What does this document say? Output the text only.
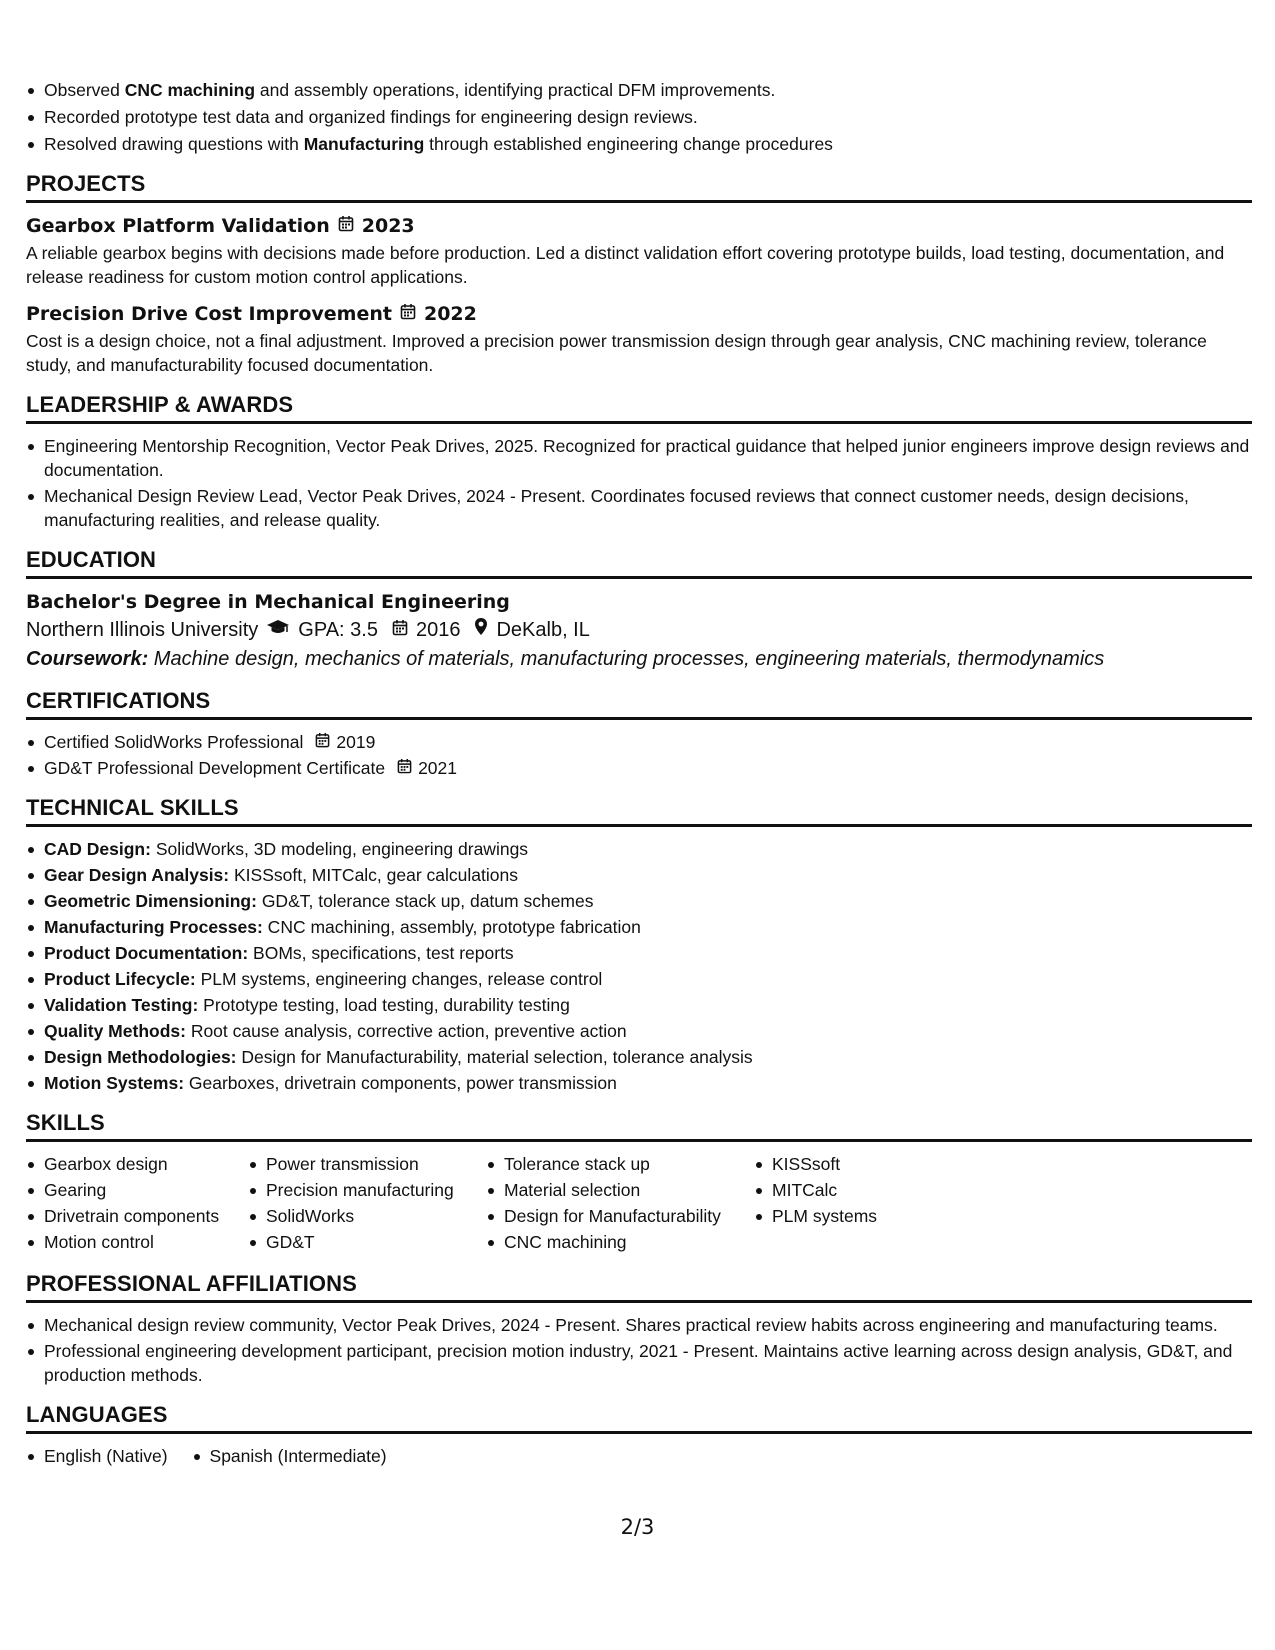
Observed CNC machining and assembly operations, identifying practical DFM improvements.
Recorded prototype test data and organized findings for engineering design reviews.
Resolved drawing questions with Manufacturing through established engineering change procedures
PROJECTS
Gearbox Platform Validation 2023
A reliable gearbox begins with decisions made before production. Led a distinct validation effort covering prototype builds, load testing, documentation, and release readiness for custom motion control applications.
Precision Drive Cost Improvement 2022
Cost is a design choice, not a final adjustment. Improved a precision power transmission design through gear analysis, CNC machining review, tolerance study, and manufacturability focused documentation.
LEADERSHIP & AWARDS
Engineering Mentorship Recognition, Vector Peak Drives, 2025. Recognized for practical guidance that helped junior engineers improve design reviews and documentation.
Mechanical Design Review Lead, Vector Peak Drives, 2024 - Present. Coordinates focused reviews that connect customer needs, design decisions, manufacturing realities, and release quality.
EDUCATION
Bachelor's Degree in Mechanical Engineering
Northern Illinois University GPA: 3.5 2016 DeKalb, IL
Coursework: Machine design, mechanics of materials, manufacturing processes, engineering materials, thermodynamics
CERTIFICATIONS
Certified SolidWorks Professional 2019
GD&T Professional Development Certificate 2021
TECHNICAL SKILLS
CAD Design: SolidWorks, 3D modeling, engineering drawings
Gear Design Analysis: KISSsoft, MITCalc, gear calculations
Geometric Dimensioning: GD&T, tolerance stack up, datum schemes
Manufacturing Processes: CNC machining, assembly, prototype fabrication
Product Documentation: BOMs, specifications, test reports
Product Lifecycle: PLM systems, engineering changes, release control
Validation Testing: Prototype testing, load testing, durability testing
Quality Methods: Root cause analysis, corrective action, preventive action
Design Methodologies: Design for Manufacturability, material selection, tolerance analysis
Motion Systems: Gearboxes, drivetrain components, power transmission
SKILLS
Gearbox design
Gearing
Drivetrain components
Motion control
Power transmission
Precision manufacturing
SolidWorks
GD&T
Tolerance stack up
Material selection
Design for Manufacturability
CNC machining
KISSsoft
MITCalc
PLM systems
PROFESSIONAL AFFILIATIONS
Mechanical design review community, Vector Peak Drives, 2024 - Present. Shares practical review habits across engineering and manufacturing teams.
Professional engineering development participant, precision motion industry, 2021 - Present. Maintains active learning across design analysis, GD&T, and production methods.
LANGUAGES
English (Native)	Spanish (Intermediate)
2/3
